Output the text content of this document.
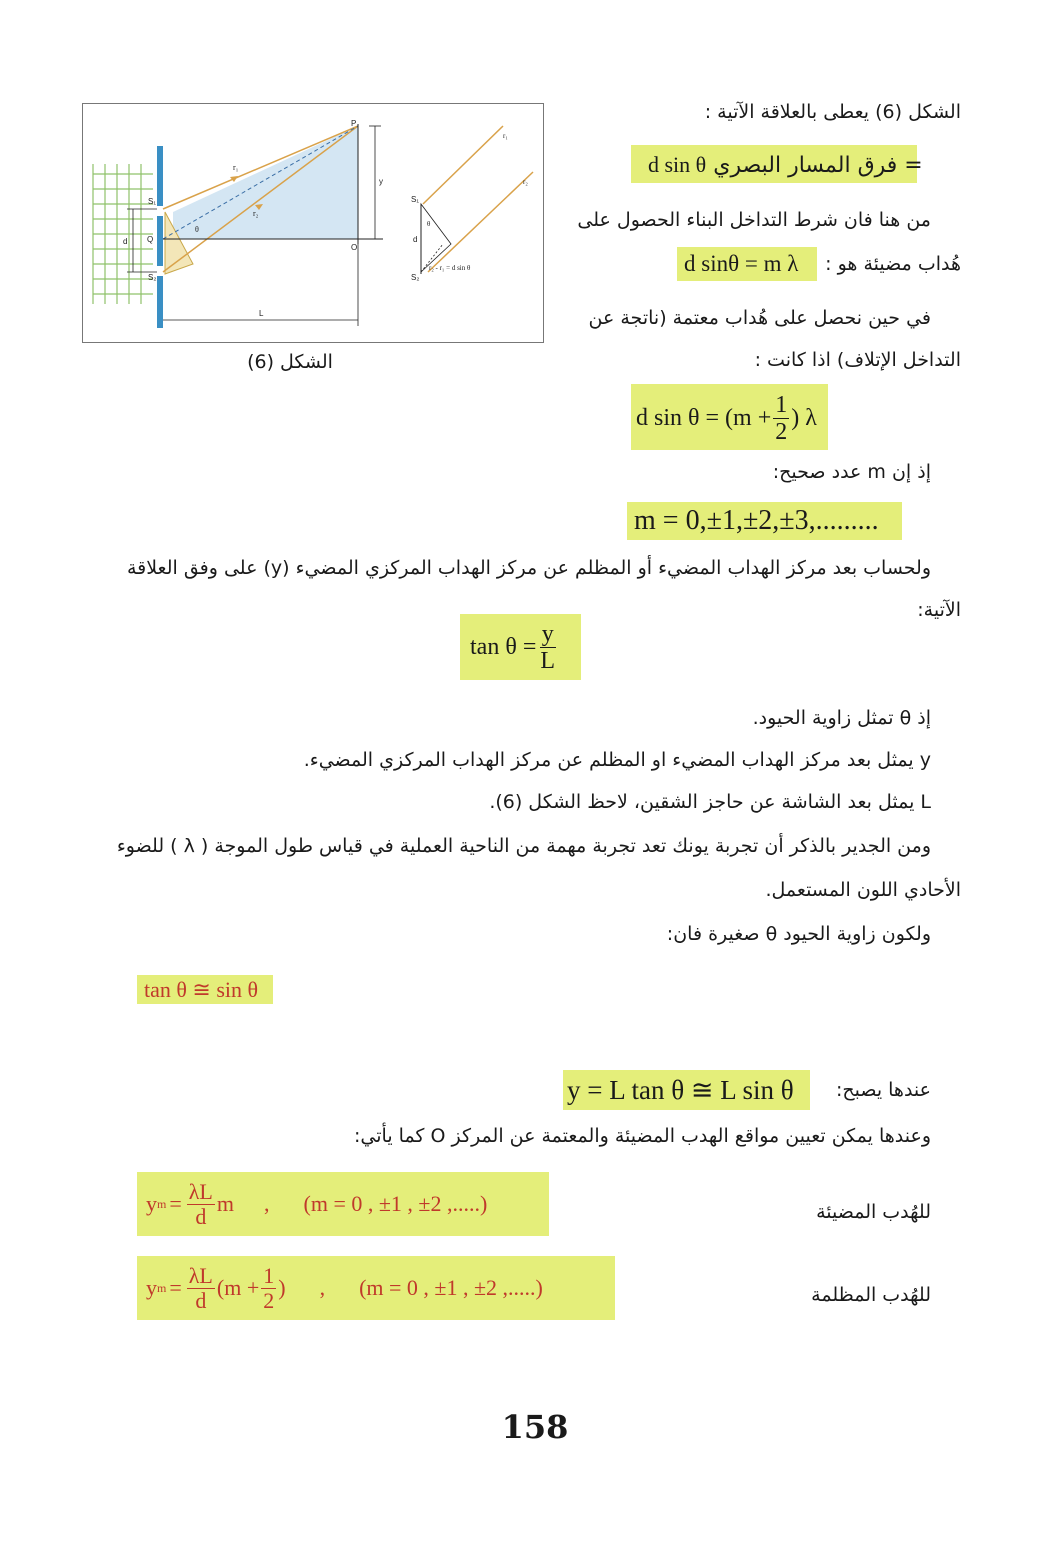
S₁
S₂
Q
O
P
d
L
y
θ
r₁
r₂
S₁
S₂
d
r₁
r₂
θ
r₂ - r₁ = d sin θ
الشكل (6)
الشكل (6) يعطى بالعلاقة الآتية :
d sin θ فرق المسار البصري =
من هنا فان شرط التداخل البناء الحصول على
هُداب مضيئة هو :
d sinθ = m λ
في حين نحصل على هُداب معتمة (ناتجة عن
التداخل الإتلاف) اذا كانت :
d $\sin \theta = (m + \frac{1}{2}$ ) λ
إذ إن m عدد صحيح:
m = 0,±1,±2,±3,.........
ولحساب بعد مركز الهداب المضيء أو المظلم عن مركز الهداب المركزي المضيء (y) على وفق العلاقة
الآتية:
$\tan \theta = \frac{y}{L}$
إذ θ تمثل زاوية الحيود.
y يمثل بعد مركز الهداب المضيء او المظلم عن مركز الهداب المركزي المضيء.
L يمثل بعد الشاشة عن حاجز الشقين، لاحظ الشكل (6).
ومن الجدير بالذكر أن تجربة يونك تعد تجربة مهمة من الناحية العملية في قياس طول الموجة ( λ ) للضوء
الأحادي اللون المستعمل.
ولكون زاوية الحيود θ صغيرة فان:
tan θ ≅ sin θ
عندها يصبح:
y = L tan θ ≅ L sin θ
وعندها يمكن تعيين مواقع الهدب المضيئة والمعتمة عن المركز O كما يأتي:
للهُدب المضيئة
y $m = \frac{\lambda L}{d}$ m , (m = 0 , ±1 , ±2 ,.....)
للهُدب المظلمة
y $m = \frac{\lambda L}{d} (m + \frac{1}{2}$ ) , (m = 0 , ±1 , ±2 ,.....)
158
